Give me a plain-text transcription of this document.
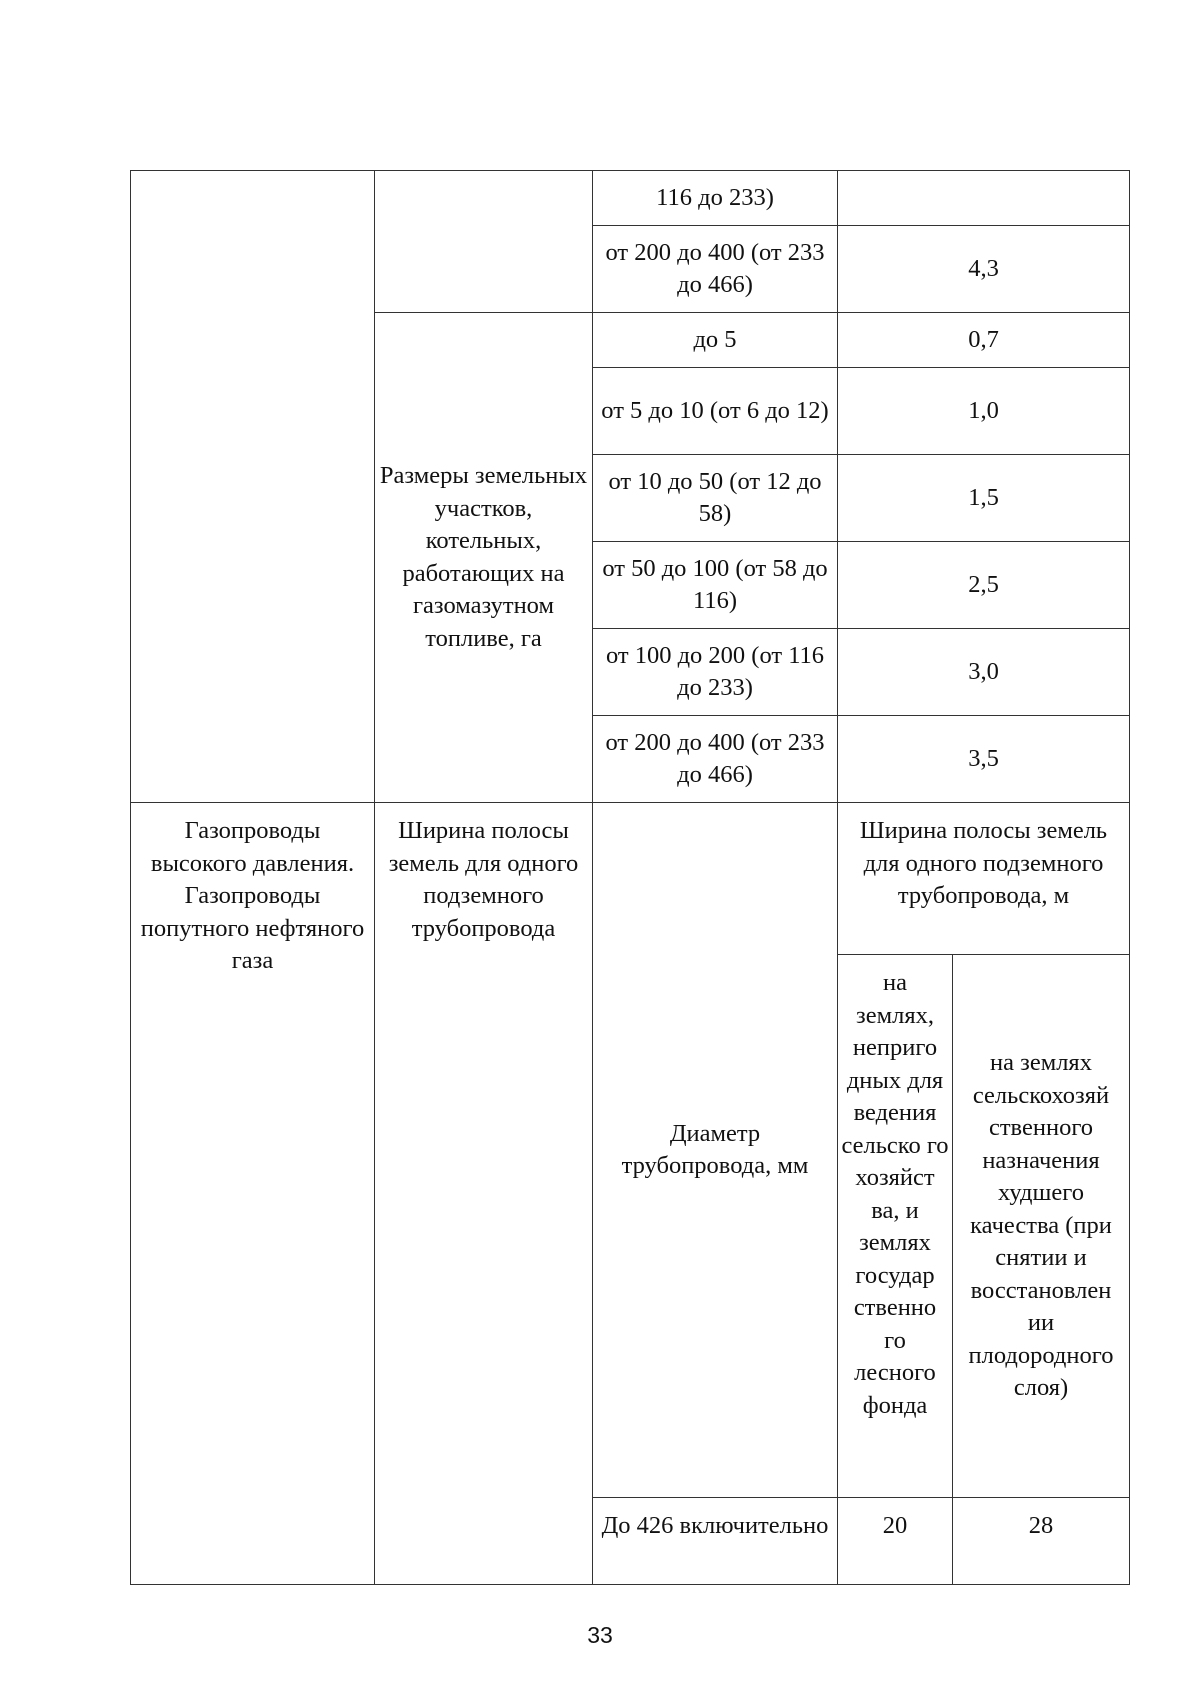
		116 до 233)		
		от 200 до 400 (от 233 до 466)	4,3	
	Размеры земельных участков, котельных, работающих на газомазутном топливе, га	до 5	0,7	
		от 5 до 10 (от 6 до 12)	1,0	
		от 10 до 50 (от 12 до 58)	1,5	
		от 50 до 100 (от 58 до 116)	2,5	
		от 100 до 200 (от 116 до 233)	3,0	
		от 200 до 400 (от 233 до 466)	3,5	
Газопроводы высокого давления. Газопроводы попутного нефтяного газа	Ширина полосы земель для одного подземного трубопровода	Диаметр трубопровода, мм	Ширина полосы земель для одного подземного трубопровода, м	
			на землях, неприго дных для ведения сельско го хозяйст ва, и землях государ ственно го лесного фонда	на землях сельскохозяй ственного назначения худшего качества (при снятии и восстановлен ии плодородного слоя)
		До 426 включительно	20	28
33
